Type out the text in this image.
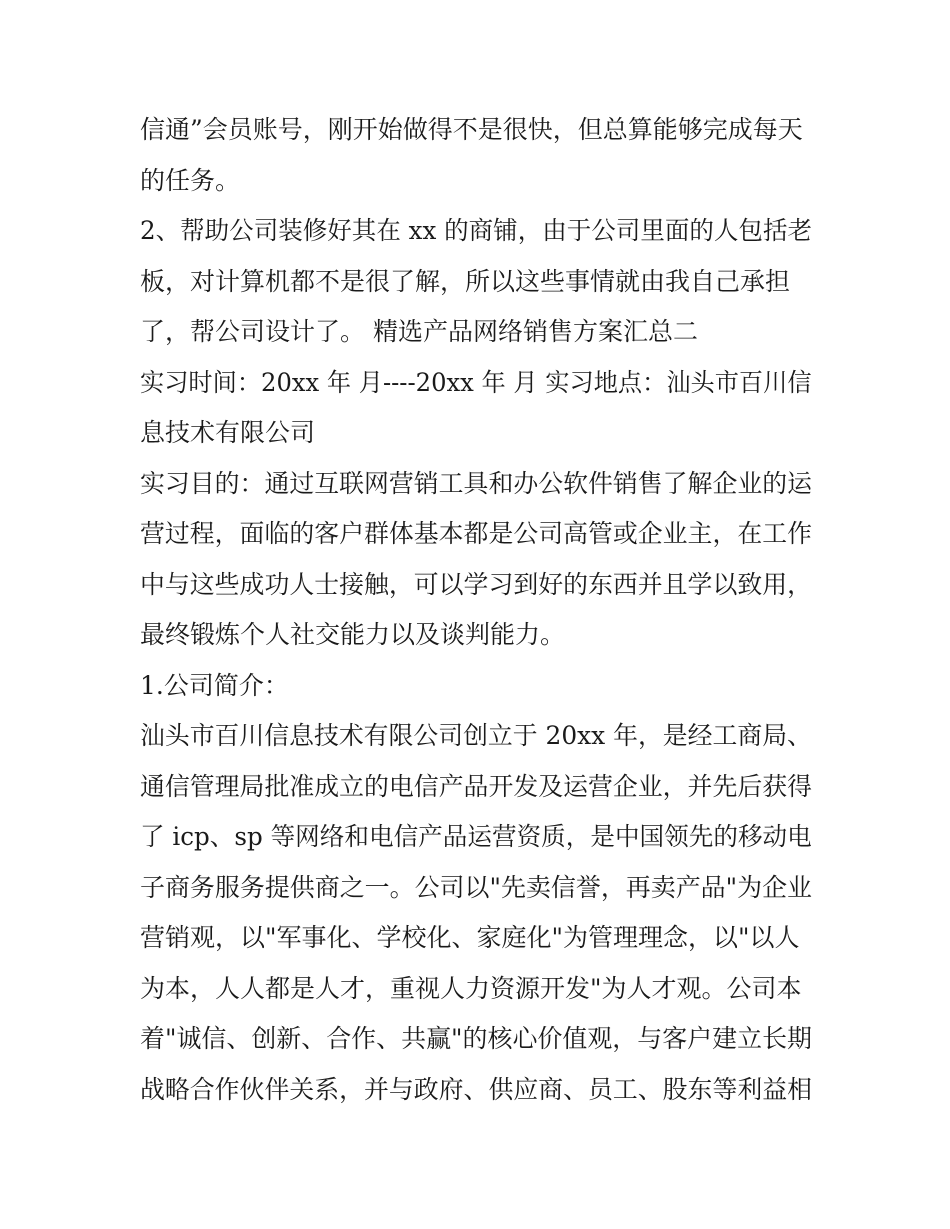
信通”会员账号，刚开始做得不是很快，但总算能够完成每天
的任务。
2、帮助公司装修好其在 xx 的商铺，由于公司里面的人包括老
板，对计算机都不是很了解，所以这些事情就由我自己承担
了，帮公司设计了。 精选产品网络销售方案汇总二
实习时间：20xx 年 月----20xx 年 月 实习地点：汕头市百川信
息技术有限公司
实习目的：通过互联网营销工具和办公软件销售了解企业的运
营过程，面临的客户群体基本都是公司高管或企业主，在工作
中与这些成功人士接触，可以学习到好的东西并且学以致用，
最终锻炼个人社交能力以及谈判能力。
1.公司简介：
汕头市百川信息技术有限公司创立于 20xx 年，是经工商局、
通信管理局批准成立的电信产品开发及运营企业，并先后获得
了 icp、sp 等网络和电信产品运营资质，是中国领先的移动电
子商务服务提供商之一。公司以"先卖信誉，再卖产品"为企业
营销观，以"军事化、学校化、家庭化"为管理理念，以"以人
为本，人人都是人才，重视人力资源开发"为人才观。公司本
着"诚信、创新、合作、共赢"的核心价值观，与客户建立长期
战略合作伙伴关系，并与政府、供应商、员工、股东等利益相
